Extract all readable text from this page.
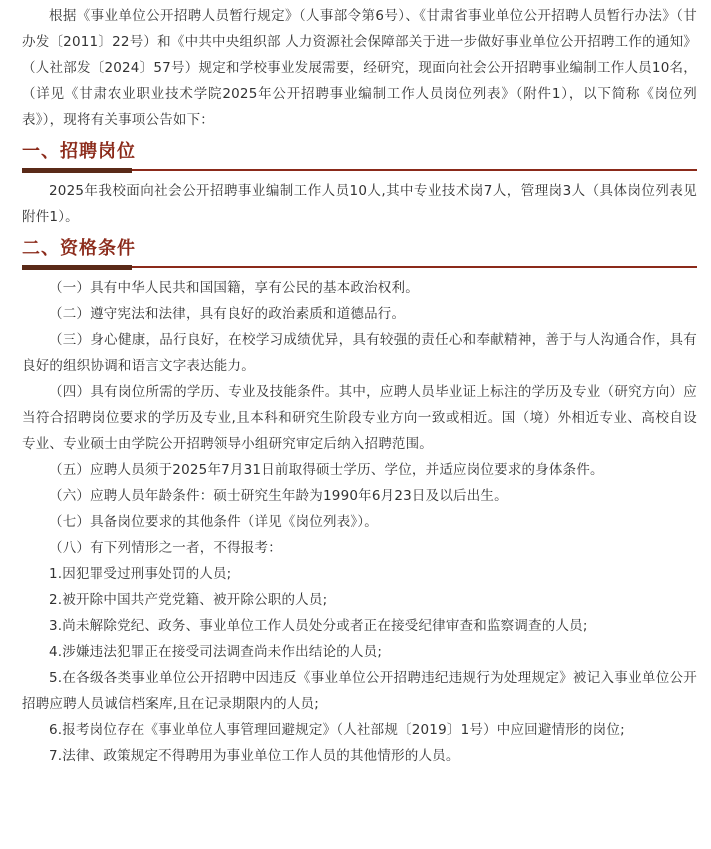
根据《事业单位公开招聘人员暂行规定》（人事部令第6号）、《甘肃省事业单位公开招聘人员暂行办法》（甘办发〔2011〕22号）和《中共中央组织部 人力资源社会保障部关于进一步做好事业单位公开招聘工作的通知》（人社部发〔2024〕57号）规定和学校事业发展需要，经研究，现面向社会公开招聘事业编制工作人员10名，（详见《甘肃农业职业技术学院2025年公开招聘事业编制工作人员岗位列表》（附件1），以下简称《岗位列表》），现将有关事项公告如下：

一、招聘岗位

2025年我校面向社会公开招聘事业编制工作人员10人,其中专业技术岗7人，管理岗3人（具体岗位列表见附件1）。

二、资格条件

（一）具有中华人民共和国国籍，享有公民的基本政治权利。

（二）遵守宪法和法律，具有良好的政治素质和道德品行。

（三）身心健康，品行良好，在校学习成绩优异，具有较强的责任心和奉献精神，善于与人沟通合作，具有良好的组织协调和语言文字表达能力。

（四）具有岗位所需的学历、专业及技能条件。其中，应聘人员毕业证上标注的学历及专业（研究方向）应当符合招聘岗位要求的学历及专业,且本科和研究生阶段专业方向一致或相近。国（境）外相近专业、高校自设专业、专业硕士由学院公开招聘领导小组研究审定后纳入招聘范围。

（五）应聘人员须于2025年7月31日前取得硕士学历、学位，并适应岗位要求的身体条件。

（六）应聘人员年龄条件：硕士研究生年龄为1990年6月23日及以后出生。

（七）具备岗位要求的其他条件（详见《岗位列表》）。

（八）有下列情形之一者，不得报考：

1.因犯罪受过刑事处罚的人员;

2.被开除中国共产党党籍、被开除公职的人员;

3.尚未解除党纪、政务、事业单位工作人员处分或者正在接受纪律审查和监察调查的人员;

4.涉嫌违法犯罪正在接受司法调查尚未作出结论的人员;

5.在各级各类事业单位公开招聘中因违反《事业单位公开招聘违纪违规行为处理规定》被记入事业单位公开招聘应聘人员诚信档案库,且在记录期限内的人员;

6.报考岗位存在《事业单位人事管理回避规定》（人社部规〔2019〕1号）中应回避情形的岗位;

7.法律、政策规定不得聘用为事业单位工作人员的其他情形的人员。
